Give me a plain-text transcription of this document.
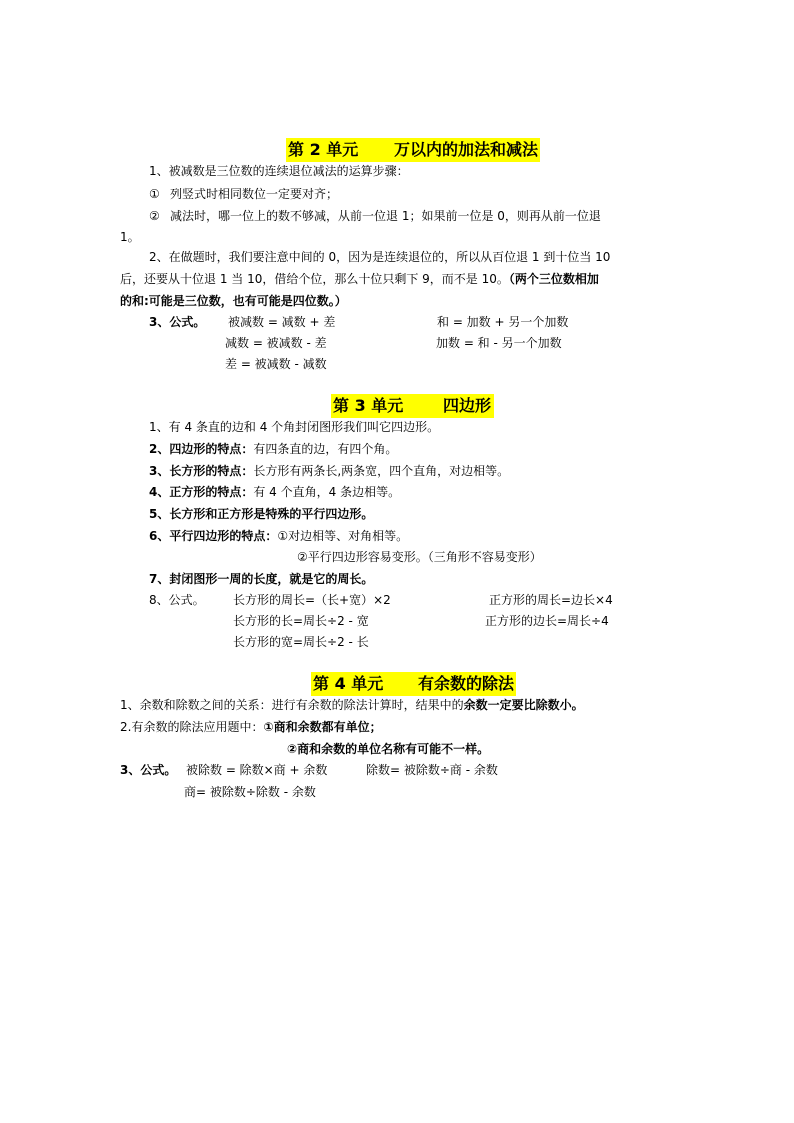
第 2 单元 万以内的加法和减法
1、被减数是三位数的连续退位减法的运算步骤：
① 列竖式时相同数位一定要对齐；
② 减法时，哪一位上的数不够减，从前一位退 1；如果前一位是 0，则再从前一位退
1。
2、在做题时，我们要注意中间的 0，因为是连续退位的，所以从百位退 1 到十位当 10
后，还要从十位退 1 当 10，借给个位，那么十位只剩下 9，而不是 10。（两个三位数相加
的和:可能是三位数，也有可能是四位数。）
3、公式。 被减数 = 减数 + 差	和 = 加数 + 另一个加数
减数 = 被减数 - 差	加数 = 和 - 另一个加数
差 = 被减数 - 减数
第 3 单元 四边形
1、有 4 条直的边和 4 个角封闭图形我们叫它四边形。
2、四边形的特点：有四条直的边，有四个角。
3、长方形的特点：长方形有两条长,两条宽，四个直角，对边相等。
4、正方形的特点：有 4 个直角，4 条边相等。
5、长方形和正方形是特殊的平行四边形。
6、平行四边形的特点：①对边相等、对角相等。
②平行四边形容易变形。（三角形不容易变形）
7、封闭图形一周的长度，就是它的周长。
8、公式。 长方形的周长=（长+宽）×2	正方形的周长=边长×4
长方形的长=周长÷2 - 宽	正方形的边长=周长÷4
长方形的宽=周长÷2 - 长
第 4 单元 有余数的除法
1、余数和除数之间的关系：进行有余数的除法计算时，结果中的余数一定要比除数小。
2.有余数的除法应用题中：①商和余数都有单位；
②商和余数的单位名称有可能不一样。
3、公式。 被除数 = 除数×商 + 余数	除数= 被除数÷商 - 余数
商= 被除数÷除数 - 余数
